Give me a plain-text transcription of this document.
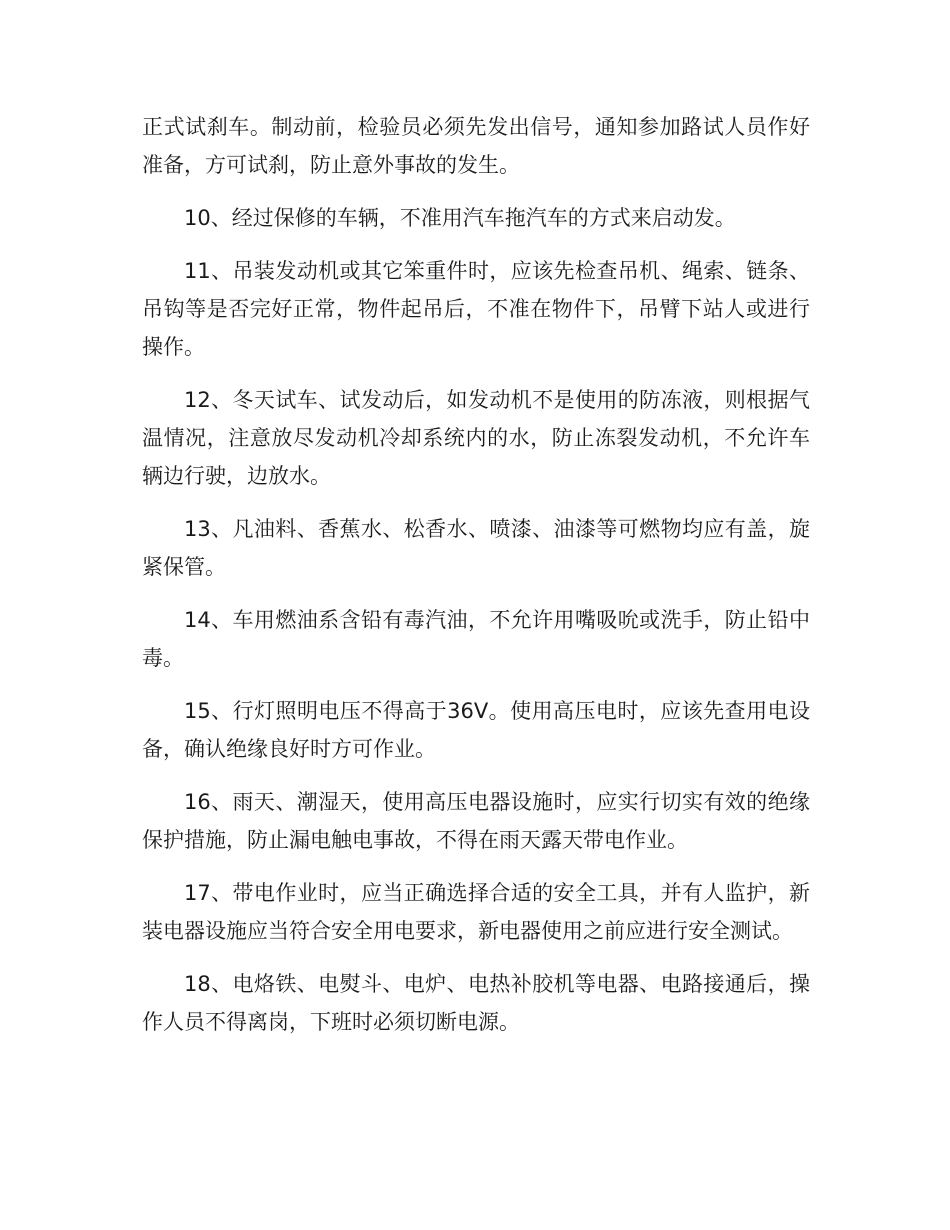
正式试刹车。制动前，检验员必须先发出信号，通知参加路试人员作好准备，方可试刹，防止意外事故的发生。

10、经过保修的车辆，不准用汽车拖汽车的方式来启动发。

11、吊装发动机或其它笨重件时，应该先检查吊机、绳索、链条、吊钩等是否完好正常，物件起吊后，不准在物件下，吊臂下站人或进行操作。

12、冬天试车、试发动后，如发动机不是使用的防冻液，则根据气温情况，注意放尽发动机冷却系统内的水，防止冻裂发动机，不允许车辆边行驶，边放水。

13、凡油料、香蕉水、松香水、喷漆、油漆等可燃物均应有盖，旋紧保管。

14、车用燃油系含铅有毒汽油，不允许用嘴吸吮或洗手，防止铅中毒。

15、行灯照明电压不得高于36V。使用高压电时，应该先查用电设备，确认绝缘良好时方可作业。

16、雨天、潮湿天，使用高压电器设施时，应实行切实有效的绝缘保护措施，防止漏电触电事故，不得在雨天露天带电作业。

17、带电作业时，应当正确选择合适的安全工具，并有人监护，新装电器设施应当符合安全用电要求，新电器使用之前应进行安全测试。

18、电烙铁、电熨斗、电炉、电热补胶机等电器、电路接通后，操作人员不得离岗，下班时必须切断电源。
